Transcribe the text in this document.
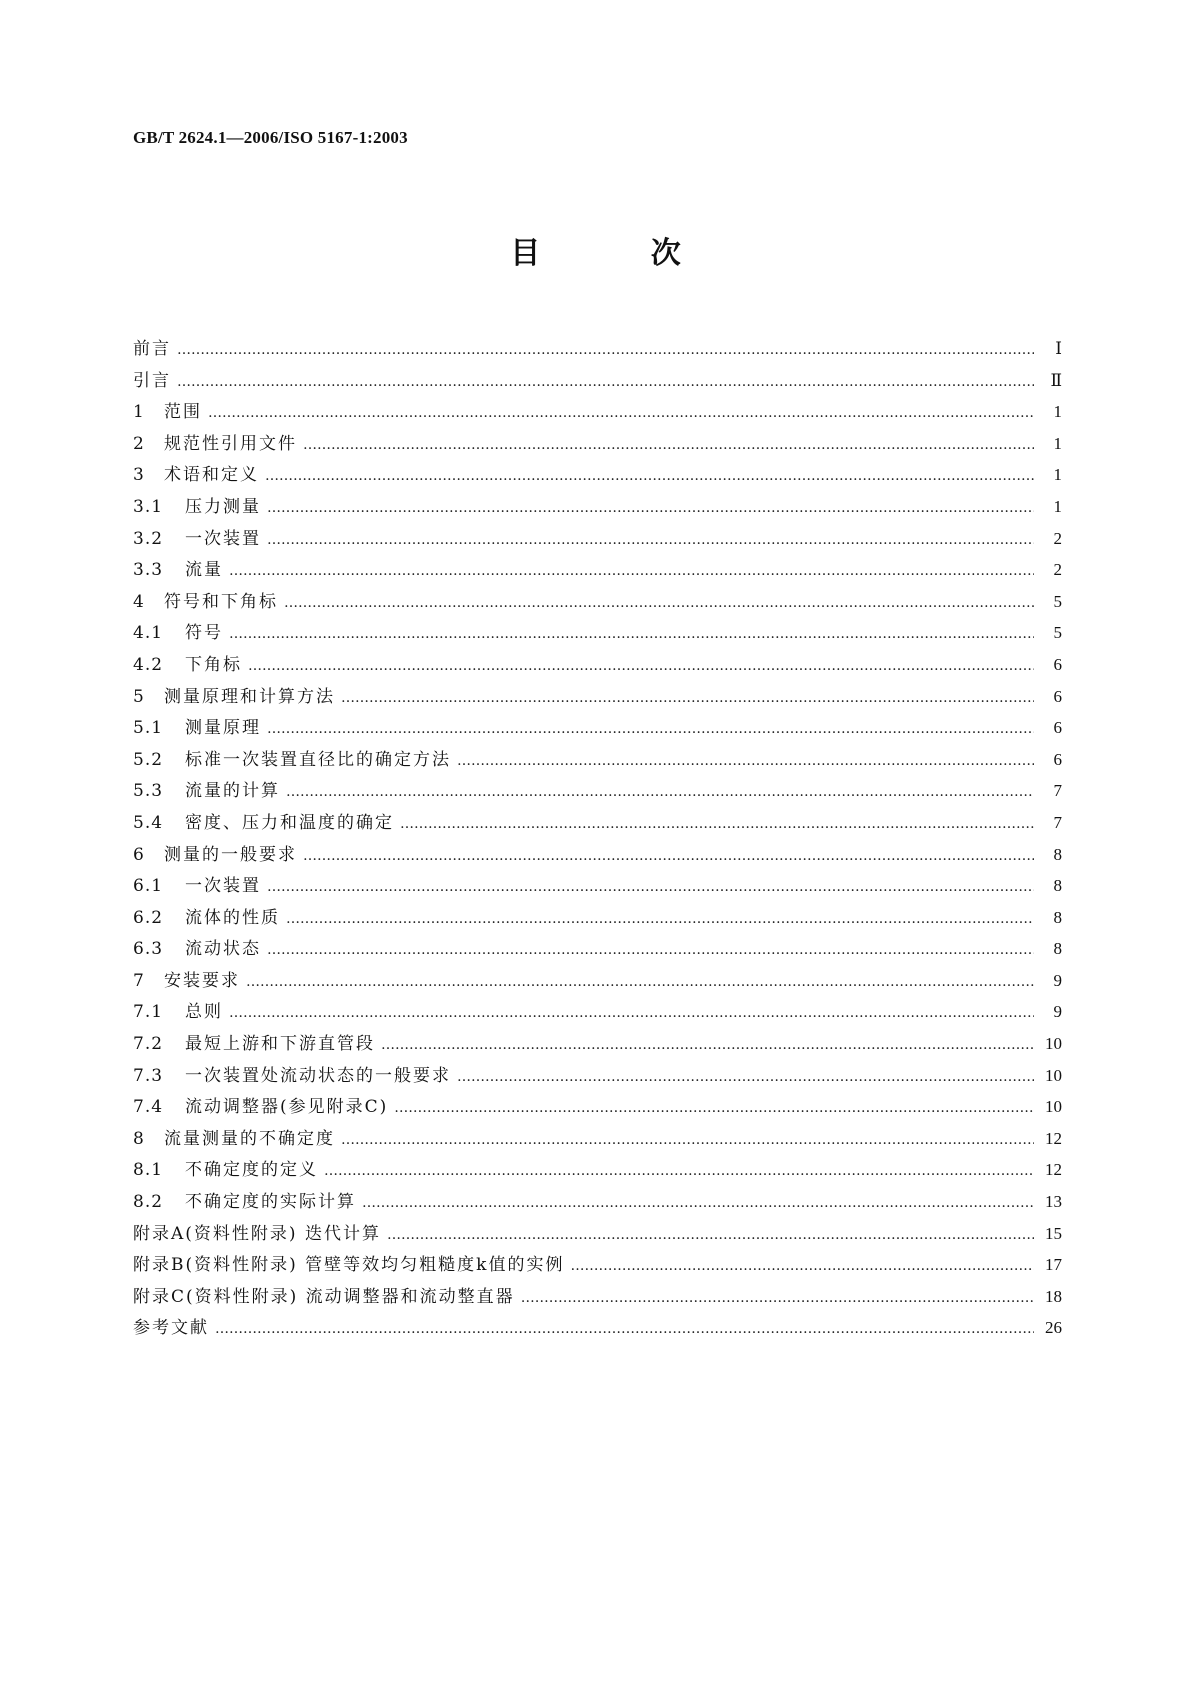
GB/T 2624.1—2006/ISO 5167-1:2003
目 次
前言 …………………………………………………………………………………………………………………………………………………………………………………………………………	Ⅰ
引言 …………………………………………………………………………………………………………………………………………………………………………………………………………	Ⅱ
1	范围 …………………………………………………………………………………………………………………………………………………………………………………………………………	1
2	规范性引用文件 …………………………………………………………………………………………………………………………………………………………………………………………………………	1
3	术语和定义 …………………………………………………………………………………………………………………………………………………………………………………………………………	1
3.1	压力测量 …………………………………………………………………………………………………………………………………………………………………………………………………………	1
3.2	一次装置 …………………………………………………………………………………………………………………………………………………………………………………………………………	2
3.3	流量 …………………………………………………………………………………………………………………………………………………………………………………………………………	2
4	符号和下角标 …………………………………………………………………………………………………………………………………………………………………………………………………………	5
4.1	符号 …………………………………………………………………………………………………………………………………………………………………………………………………………	5
4.2	下角标 …………………………………………………………………………………………………………………………………………………………………………………………………………	6
5	测量原理和计算方法 …………………………………………………………………………………………………………………………………………………………………………………………………………	6
5.1	测量原理 …………………………………………………………………………………………………………………………………………………………………………………………………………	6
5.2	标准一次装置直径比的确定方法 …………………………………………………………………………………………………………………………………………………………………………………………………………	6
5.3	流量的计算 …………………………………………………………………………………………………………………………………………………………………………………………………………	7
5.4	密度、压力和温度的确定 …………………………………………………………………………………………………………………………………………………………………………………………………………	7
6	测量的一般要求 …………………………………………………………………………………………………………………………………………………………………………………………………………	8
6.1	一次装置 …………………………………………………………………………………………………………………………………………………………………………………………………………	8
6.2	流体的性质 …………………………………………………………………………………………………………………………………………………………………………………………………………	8
6.3	流动状态 …………………………………………………………………………………………………………………………………………………………………………………………………………	8
7	安装要求 …………………………………………………………………………………………………………………………………………………………………………………………………………	9
7.1	总则 …………………………………………………………………………………………………………………………………………………………………………………………………………	9
7.2	最短上游和下游直管段 …………………………………………………………………………………………………………………………………………………………………………………………………………	10
7.3	一次装置处流动状态的一般要求 …………………………………………………………………………………………………………………………………………………………………………………………………………	10
7.4	流动调整器(参见附录C) …………………………………………………………………………………………………………………………………………………………………………………………………………	10
8	流量测量的不确定度 …………………………………………………………………………………………………………………………………………………………………………………………………………	12
8.1	不确定度的定义 …………………………………………………………………………………………………………………………………………………………………………………………………………	12
8.2	不确定度的实际计算 …………………………………………………………………………………………………………………………………………………………………………………………………………	13
附录A(资料性附录) 迭代计算 …………………………………………………………………………………………………………………………………………………………………………………………………………	15
附录B(资料性附录) 管壁等效均匀粗糙度k值的实例 …………………………………………………………………………………………………………………………………………………………………………………………………………	17
附录C(资料性附录) 流动调整器和流动整直器 …………………………………………………………………………………………………………………………………………………………………………………………………………	18
参考文献 …………………………………………………………………………………………………………………………………………………………………………………………………………	26
